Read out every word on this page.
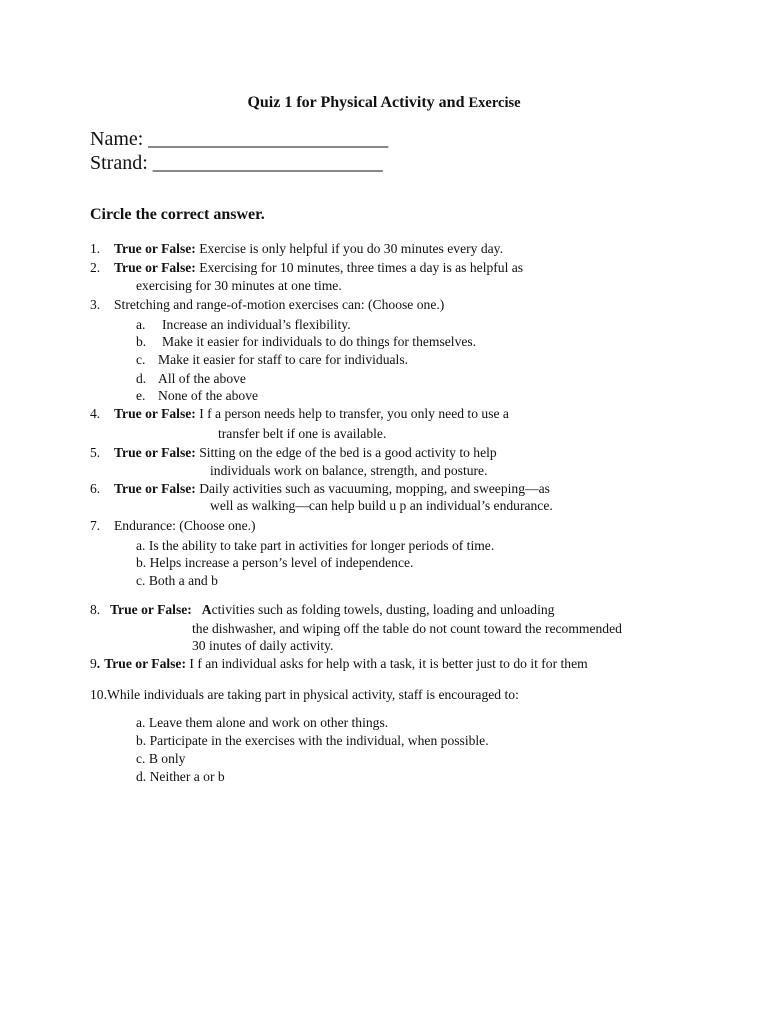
Quiz 1 for Physical Activity and Exercise
Name: ________________________
Strand: _______________________
Circle the correct answer.
1. True or False: Exercise is only helpful if you do 30 minutes every day.
2. True or False: Exercising for 10 minutes, three times a day is as helpful as
exercising for 30 minutes at one time.
3. Stretching and range-of-motion exercises can: (Choose one.)
a. Increase an individual’s flexibility.
b. Make it easier for individuals to do things for themselves.
c. Make it easier for staff to care for individuals.
d. All of the above
e. None of the above
4. True or False: I f a person needs help to transfer, you only need to use a
transfer belt if one is available.
5. True or False: Sitting on the edge of the bed is a good activity to help
individuals work on balance, strength, and posture.
6. True or False: Daily activities such as vacuuming, mopping, and sweeping—as
well as walking—can help build u p an individual’s endurance.
7. Endurance: (Choose one.)
a. Is the ability to take part in activities for longer periods of time.
b. Helps increase a person’s level of independence.
c. Both a and b
8. True or False: Activities such as folding towels, dusting, loading and unloading
the dishwasher, and wiping off the table do not count toward the recommended
30 inutes of daily activity.
9. True or False: I f an individual asks for help with a task, it is better just to do it for them
10.While individuals are taking part in physical activity, staff is encouraged to:
a. Leave them alone and work on other things.
b. Participate in the exercises with the individual, when possible.
c. B only
d. Neither a or b
